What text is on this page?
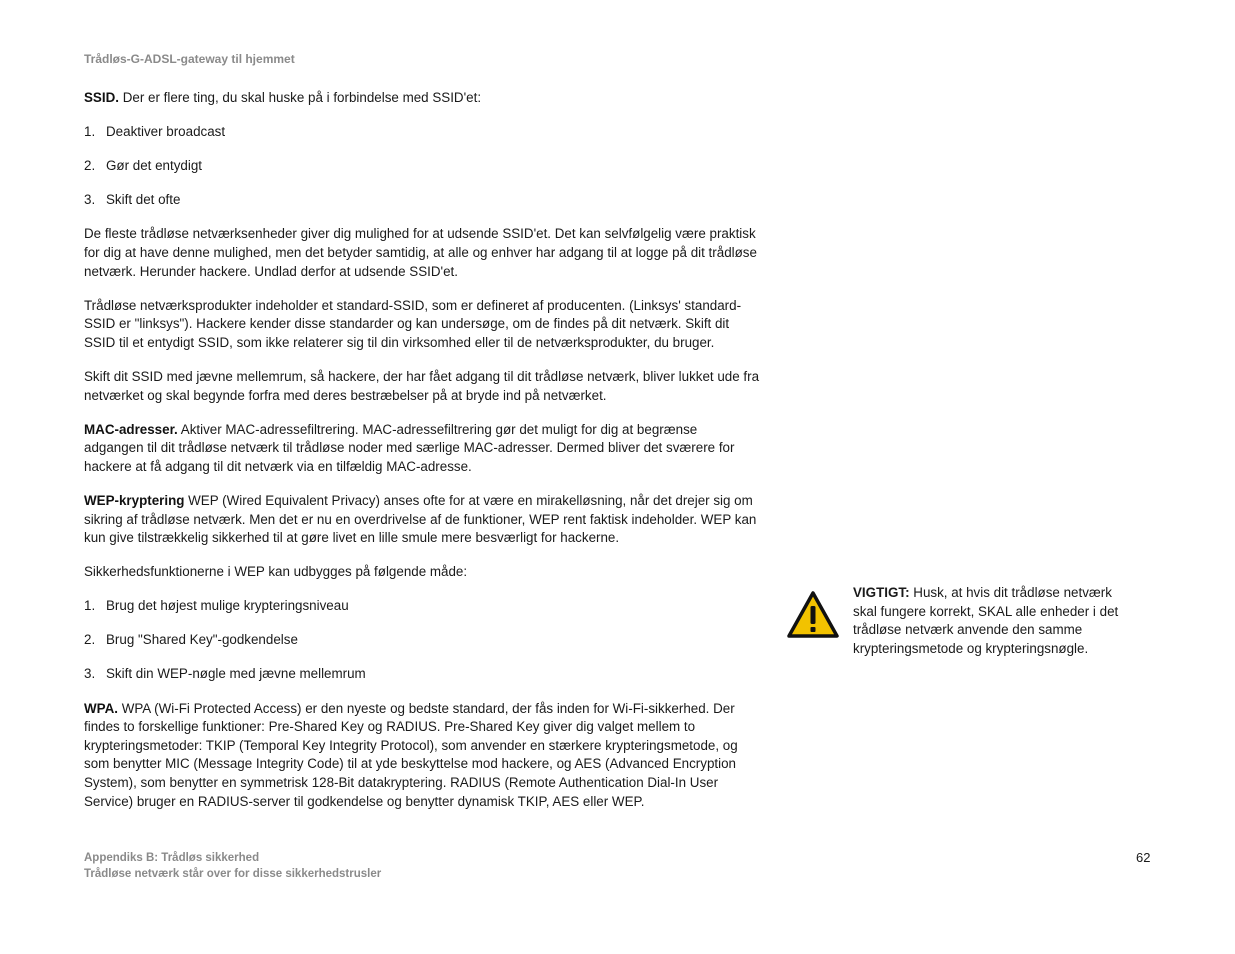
Trådløs-G-ADSL-gateway til hjemmet

SSID. Der er flere ting, du skal huske på i forbindelse med SSID'et:

1. Deaktiver broadcast
2. Gør det entydigt
3. Skift det ofte

De fleste trådløse netværksenheder giver dig mulighed for at udsende SSID'et. Det kan selvfølgelig være praktisk for dig at have denne mulighed, men det betyder samtidig, at alle og enhver har adgang til at logge på dit trådløse netværk. Herunder hackere. Undlad derfor at udsende SSID'et.

Trådløse netværksprodukter indeholder et standard-SSID, som er defineret af producenten. (Linksys' standard-SSID er "linksys"). Hackere kender disse standarder og kan undersøge, om de findes på dit netværk. Skift dit SSID til et entydigt SSID, som ikke relaterer sig til din virksomhed eller til de netværksprodukter, du bruger.

Skift dit SSID med jævne mellemrum, så hackere, der har fået adgang til dit trådløse netværk, bliver lukket ude fra netværket og skal begynde forfra med deres bestræbelser på at bryde ind på netværket.

MAC-adresser. Aktiver MAC-adressefiltrering. MAC-adressefiltrering gør det muligt for dig at begrænse adgangen til dit trådløse netværk til trådløse noder med særlige MAC-adresser. Dermed bliver det sværere for hackere at få adgang til dit netværk via en tilfældig MAC-adresse.

WEP-kryptering WEP (Wired Equivalent Privacy) anses ofte for at være en mirakelløsning, når det drejer sig om sikring af trådløse netværk. Men det er nu en overdrivelse af de funktioner, WEP rent faktisk indeholder. WEP kan kun give tilstrækkelig sikkerhed til at gøre livet en lille smule mere besværligt for hackerne.

Sikkerhedsfunktionerne i WEP kan udbygges på følgende måde:

1. Brug det højest mulige krypteringsniveau
2. Brug "Shared Key"-godkendelse
3. Skift din WEP-nøgle med jævne mellemrum

WPA. WPA (Wi-Fi Protected Access) er den nyeste og bedste standard, der fås inden for Wi-Fi-sikkerhed. Der findes to forskellige funktioner: Pre-Shared Key og RADIUS. Pre-Shared Key giver dig valget mellem to krypteringsmetoder: TKIP (Temporal Key Integrity Protocol), som anvender en stærkere krypteringsmetode, og som benytter MIC (Message Integrity Code) til at yde beskyttelse mod hackere, og AES (Advanced Encryption System), som benytter en symmetrisk 128-Bit datakryptering. RADIUS (Remote Authentication Dial-In User Service) bruger en RADIUS-server til godkendelse og benytter dynamisk TKIP, AES eller WEP.

VIGTIGT: Husk, at hvis dit trådløse netværk skal fungere korrekt, SKAL alle enheder i det trådløse netværk anvende den samme krypteringsmetode og krypteringsnøgle.
Appendiks B: Trådløs sikkerhed
Trådløse netværk står over for disse sikkerhedstrusler
62
